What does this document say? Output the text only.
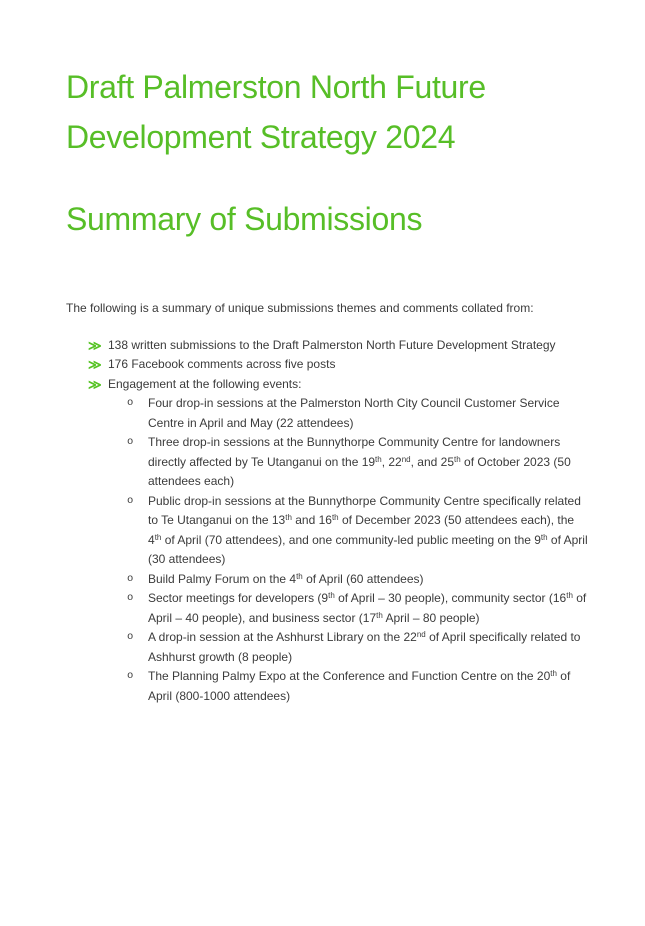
Draft Palmerston North Future
Development Strategy 2024
Summary of Submissions

The following is a summary of unique submissions themes and comments collated from:

≫ 138 written submissions to the Draft Palmerston North Future Development Strategy
≫ 176 Facebook comments across five posts
≫ Engagement at the following events:
o	Four drop-in sessions at the Palmerston North City Council Customer Service Centre in April and May (22 attendees)
o	Three drop-in sessions at the Bunnythorpe Community Centre for landowners directly affected by Te Utanganui on the 19th, 22nd, and 25th of October 2023 (50 attendees each)
o	Public drop-in sessions at the Bunnythorpe Community Centre specifically related to Te Utanganui on the 13th and 16th of December 2023 (50 attendees each), the 4th of April (70 attendees), and one community-led public meeting on the 9th of April (30 attendees)
o	Build Palmy Forum on the 4th of April (60 attendees)
o	Sector meetings for developers (9th of April – 30 people), community sector (16th of April – 40 people), and business sector (17th April – 80 people)
o	A drop-in session at the Ashhurst Library on the 22nd of April specifically related to Ashhurst growth (8 people)
o	The Planning Palmy Expo at the Conference and Function Centre on the 20th of April (800-1000 attendees)
